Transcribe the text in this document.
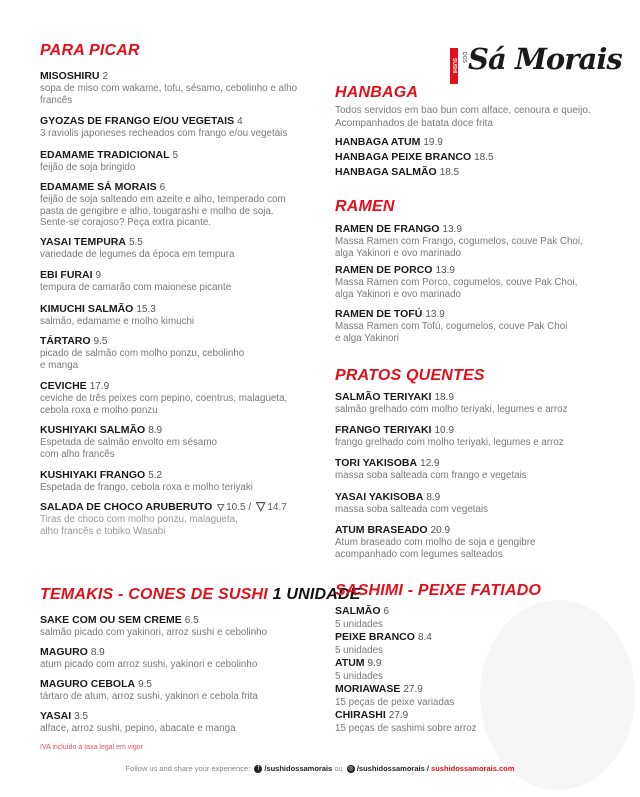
SUSHI
DOS Sá Morais
PARA PICAR
TEMAKIS - CONES DE SUSHI 1 UNIDADE
HANBAGA
Todos servidos em bao bun com alface, cenoura e queijo.
Acompanhados de batata doce frita
RAMEN
PRATOS QUENTES
SASHIMI - PEIXE FATIADO
SALADA DE CHOCO ARUBERUTO ▽ 10.5 / ▽ 14.7
Tiras de choco com molho ponzu, malagueta,
alho francês e tobiko Wasabi
MISOSHIRU 2
sopa de miso com wakame, tofu, sésamo, cebolinho e alho
francês
GYOZAS DE FRANGO E/OU VEGETAIS 4
3 raviolis japoneses recheados com frango e/ou vegetais
EDAMAME TRADICIONAL 5
feijão de soja bringido
EDAMAME SÁ MORAIS 6
feijão de soja salteado em azeite e alho, temperado com
pasta de gengibre e alho, tougarashi e molho de soja.
Sente-se corajoso? Peça extra picante.
YASAI TEMPURA 5.5
variedade de legumes da época em tempura
EBI FURAI 9
tempura de camarão com maionese picante
KIMUCHI SALMÃO 15.3
salmão, edamame e molho kimuchi
TÁRTARO 9.5
picado de salmão com molho ponzu, cebolinho
e manga
CEVICHE 17.9
ceviche de três peixes com pepino, coentrus, malagueta,
cebola roxa e molho ponzu
KUSHIYAKI SALMÃO 8.9
Espetada de salmão envolto em sésamo
com alho francês
KUSHIYAKI FRANGO 5.2
Espetada de frango, cebola roxa e molho teriyaki
SAKE COM OU SEM CREME 6.5
salmão picado com yakinori, arroz sushi e cebolinho
MAGURO 8.9
atum picado com arroz sushi, yakinori e cebolinho
MAGURO CEBOLA 9.5
tártaro de atum, arroz sushi, yakinori e cebola frita
YASAI 3.5
alface, arroz sushi, pepino, abacate e manga
HANBAGA ATUM 19.9
HANBAGA PEIXE BRANCO 18.5
HANBAGA SALMÃO 18.5
RAMEN DE FRANGO 13.9
Massa Ramen com Frango, cogumelos, couve Pak Choi,
alga Yakinori e ovo marinado
RAMEN DE PORCO 13.9
Massa Ramen com Porco, cogumelos, couve Pak Choi,
alga Yakinori e ovo marinado
RAMEN DE TOFÚ 13.9
Massa Ramen com Tofú, cogumelos, couve Pak Choi
e alga Yakinori
SALMÃO TERIYAKI 18.9
salmão grelhado com molho teriyaki, legumes e arroz
FRANGO TERIYAKI 10.9
frango grelhado com molho teriyaki, legumes e arroz
TORI YAKISOBA 12.9
massa soba salteada com frango e vegetais
YASAI YAKISOBA 8.9
massa soba salteada com vegetais
ATUM BRASEADO 20.9
Atum braseado com molho de soja e gengibre
acompanhado com legumes salteados
SALMÃO 6
5 unidades
PEIXE BRANCO 8.4
5 unidades
ATUM 9.9
5 unidades
MORIAWASE 27.9
15 peças de peixe variadas
CHIRASHI 27.9
15 peças de sashimi sobre arroz
IVA incluído à taxa legal em vigor
Follow us and share your experience: f /sushidossamorais ou ◎ /sushidossamorais / sushidossamorais.com
